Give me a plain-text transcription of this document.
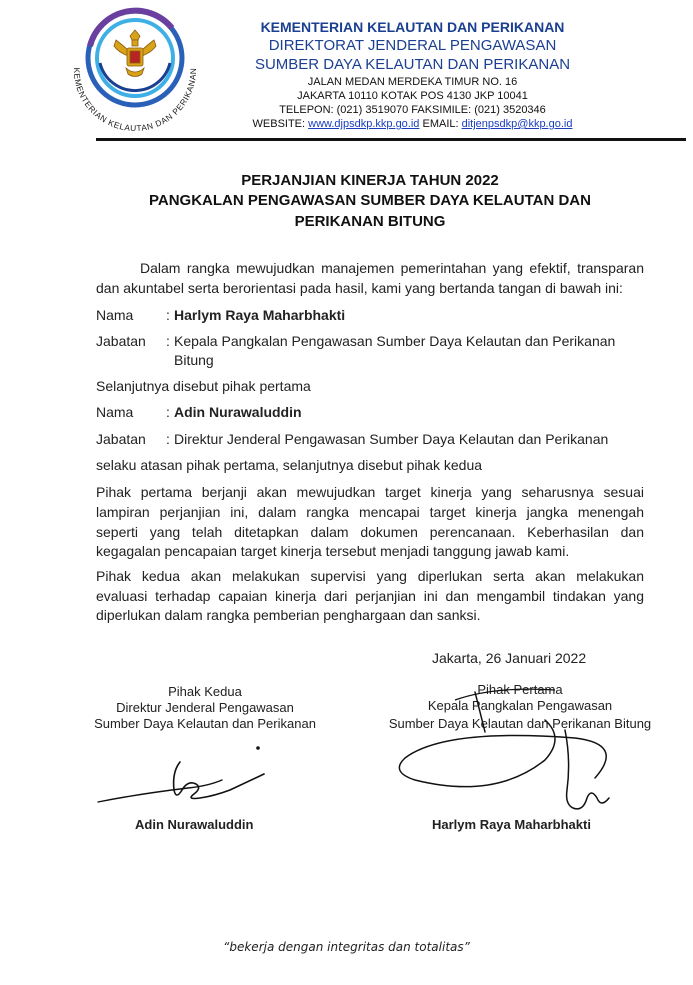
KEMENTERIAN KELAUTAN DAN PERIKANAN
KEMENTERIAN KELAUTAN DAN PERIKANAN
DIREKTORAT JENDERAL PENGAWASAN
SUMBER DAYA KELAUTAN DAN PERIKANAN
JALAN MEDAN MERDEKA TIMUR NO. 16
JAKARTA 10110 KOTAK POS 4130 JKP 10041
TELEPON: (021) 3519070 FAKSIMILE: (021) 3520346
WEBSITE: www.djpsdkp.kkp.go.id EMAIL: ditjenpsdkp@kkp.go.id
PERJANJIAN KINERJA TAHUN 2022
PANGKALAN PENGAWASAN SUMBER DAYA KELAUTAN DAN
PERIKANAN BITUNG
Dalam rangka mewujudkan manajemen pemerintahan yang efektif, transparan
dan akuntabel serta berorientasi pada hasil, kami yang bertanda tangan di bawah ini:
Nama : Harlym Raya Maharbhakti
Jabatan : Kepala Pangkalan Pengawasan Sumber Daya Kelautan dan Perikanan
Bitung
Selanjutnya disebut pihak pertama
Nama : Adin Nurawaluddin
Jabatan : Direktur Jenderal Pengawasan Sumber Daya Kelautan dan Perikanan
selaku atasan pihak pertama, selanjutnya disebut pihak kedua
Pihak pertama berjanji akan mewujudkan target kinerja yang seharusnya sesuai
lampiran perjanjian ini, dalam rangka mencapai target kinerja jangka menengah
seperti yang telah ditetapkan dalam dokumen perencanaan. Keberhasilan dan
kegagalan pencapaian target kinerja tersebut menjadi tanggung jawab kami.
Pihak kedua akan melakukan supervisi yang diperlukan serta akan melakukan
evaluasi terhadap capaian kinerja dari perjanjian ini dan mengambil tindakan yang
diperlukan dalam rangka pemberian penghargaan dan sanksi.
Jakarta, 26 Januari 2022
Pihak Kedua
Direktur Jenderal Pengawasan
Sumber Daya Kelautan dan Perikanan
Pihak Pertama
Kepala Pangkalan Pengawasan
Sumber Daya Kelautan dan Perikanan Bitung
Adin Nurawaluddin	Harlym Raya Maharbhakti
“bekerja dengan integritas dan totalitas”
